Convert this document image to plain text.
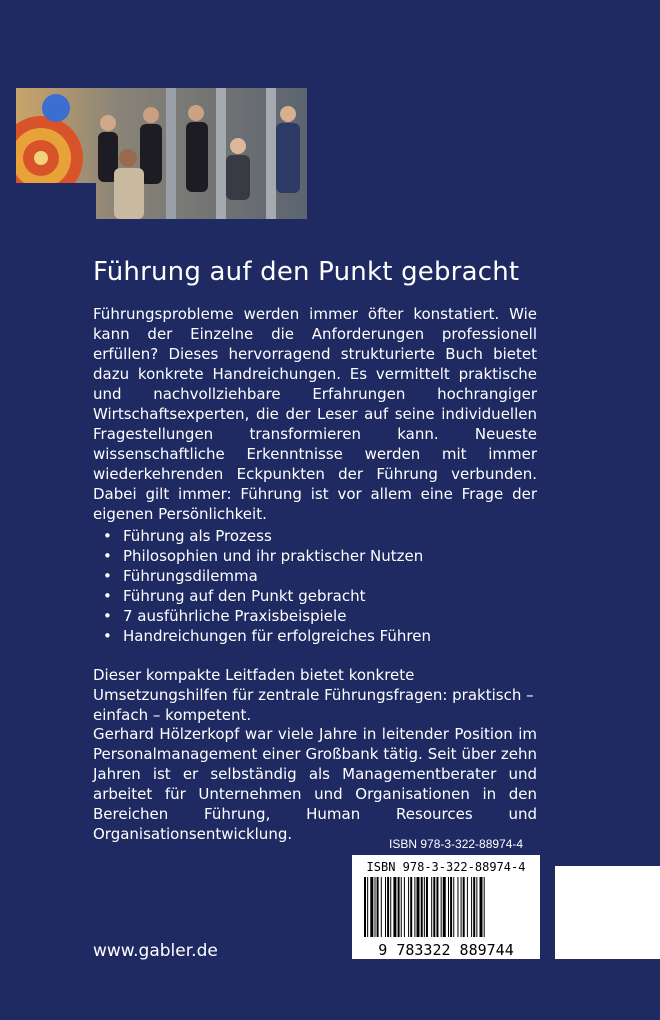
Führung auf den Punkt gebracht

Führungsprobleme werden immer öfter konstatiert. Wie kann der Einzelne die Anforderungen professionell erfüllen? Dieses hervorragend strukturierte Buch bietet dazu konkrete Handreichungen. Es vermittelt praktische und nachvollziehbare Erfahrungen hochrangiger Wirtschaftsexperten, die der Leser auf seine individuellen Fragestellungen transformieren kann. Neueste wissenschaftliche Erkenntnisse werden mit immer wiederkehrenden Eckpunkten der Führung verbunden. Dabei gilt immer: Führung ist vor allem eine Frage der eigenen Persönlichkeit.

• Führung als Prozess
• Philosophien und ihr praktischer Nutzen
• Führungsdilemma
• Führung auf den Punkt gebracht
• 7 ausführliche Praxisbeispiele
• Handreichungen für erfolgreiches Führen

Dieser kompakte Leitfaden bietet konkrete Umsetzungshilfen für zentrale Führungsfragen: praktisch – einfach – kompetent.

Gerhard Hölzerkopf war viele Jahre in leitender Position im Personalmanagement einer Großbank tätig. Seit über zehn Jahren ist er selbständig als Managementberater und arbeitet für Unternehmen und Organisationen in den Bereichen Führung, Human Resources und Organisationsentwicklung.

ISBN 978-3-322-88974-4

ISBN 978-3-322-88974-4
9 783322 889744

www.gabler.de
